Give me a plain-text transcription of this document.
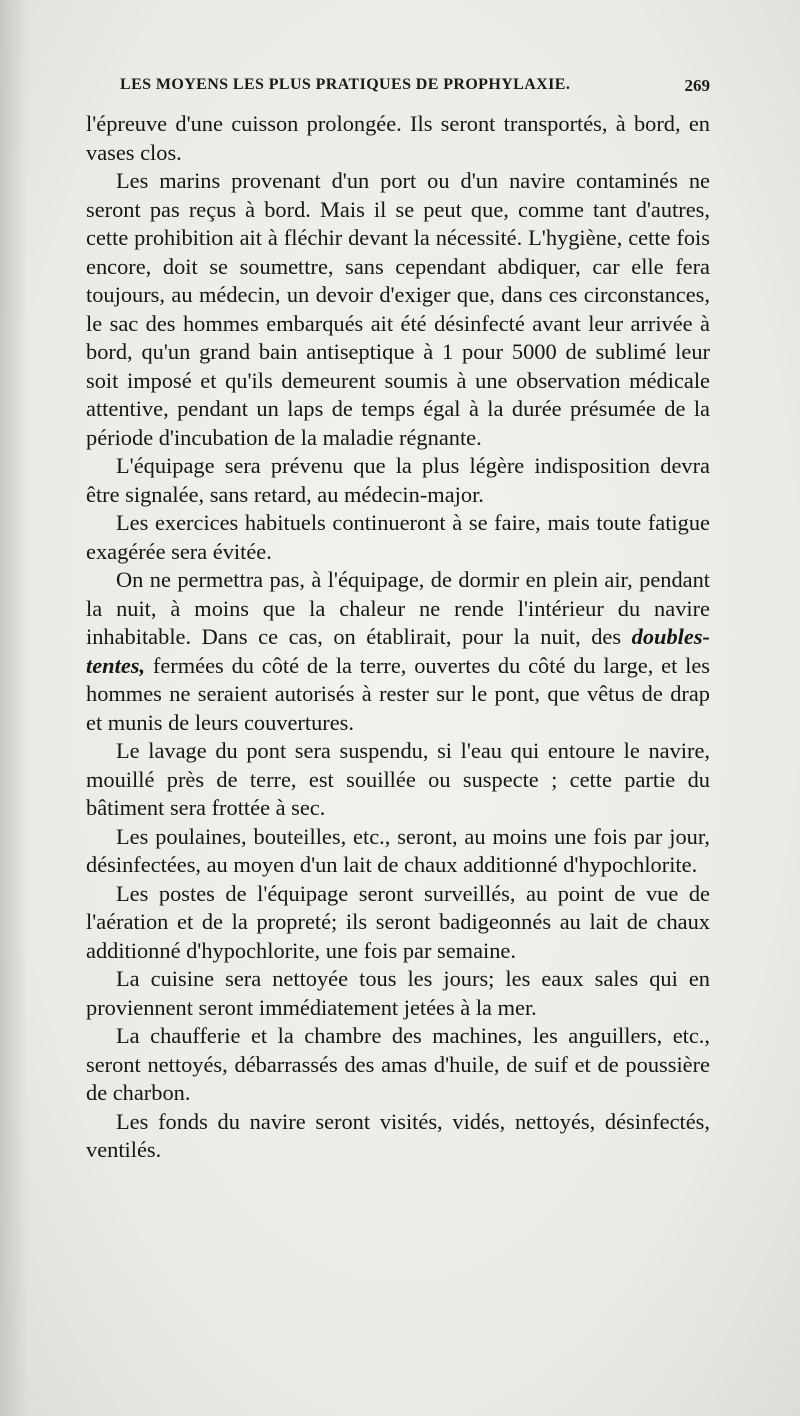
LES MOYENS LES PLUS PRATIQUES DE PROPHYLAXIE.	269

l'épreuve d'une cuisson prolongée. Ils seront transportés, à bord, en vases clos.

Les marins provenant d'un port ou d'un navire contaminés ne seront pas reçus à bord. Mais il se peut que, comme tant d'autres, cette prohibition ait à fléchir devant la nécessité. L'hygiène, cette fois encore, doit se soumettre, sans cependant abdiquer, car elle fera toujours, au médecin, un devoir d'exiger que, dans ces circonstances, le sac des hommes embarqués ait été désinfecté avant leur arrivée à bord, qu'un grand bain antiseptique à 1 pour 5000 de sublimé leur soit imposé et qu'ils demeurent soumis à une observation médicale attentive, pendant un laps de temps égal à la durée présumée de la période d'incubation de la maladie régnante.

L'équipage sera prévenu que la plus légère indisposition devra être signalée, sans retard, au médecin-major.

Les exercices habituels continueront à se faire, mais toute fatigue exagérée sera évitée.

On ne permettra pas, à l'équipage, de dormir en plein air, pendant la nuit, à moins que la chaleur ne rende l'intérieur du navire inhabitable. Dans ce cas, on établirait, pour la nuit, des doubles-tentes, fermées du côté de la terre, ouvertes du côté du large, et les hommes ne seraient autorisés à rester sur le pont, que vêtus de drap et munis de leurs couvertures.

Le lavage du pont sera suspendu, si l'eau qui entoure le navire, mouillé près de terre, est souillée ou suspecte ; cette partie du bâtiment sera frottée à sec.

Les poulaines, bouteilles, etc., seront, au moins une fois par jour, désinfectées, au moyen d'un lait de chaux additionné d'hypochlorite.

Les postes de l'équipage seront surveillés, au point de vue de l'aération et de la propreté; ils seront badigeonnés au lait de chaux additionné d'hypochlorite, une fois par semaine.

La cuisine sera nettoyée tous les jours; les eaux sales qui en proviennent seront immédiatement jetées à la mer.

La chaufferie et la chambre des machines, les anguillers, etc., seront nettoyés, débarrassés des amas d'huile, de suif et de poussière de charbon.

Les fonds du navire seront visités, vidés, nettoyés, désinfectés, ventilés.
